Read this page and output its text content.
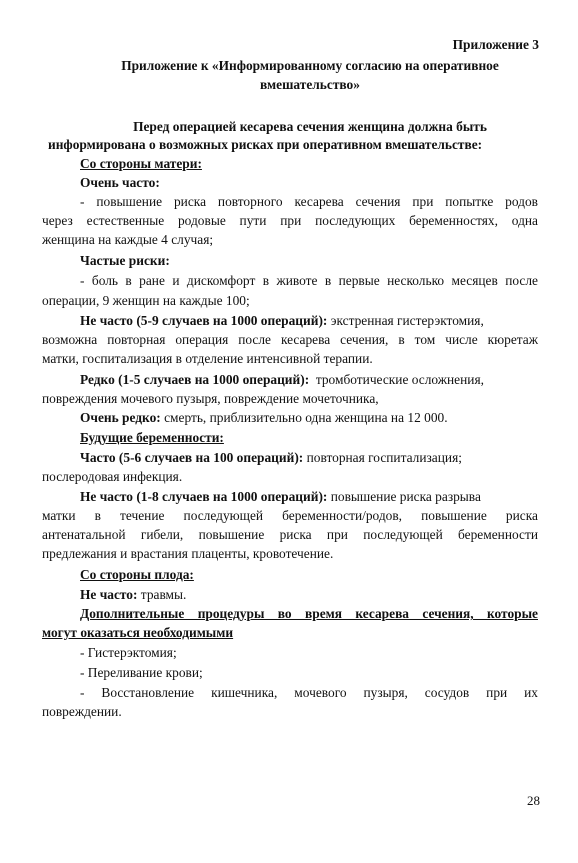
Приложение 3
Приложение к «Информированному согласию на оперативное
вмешательство»
Перед операцией кесарева сечения женщина должна быть
информирована о возможных рисках при оперативном вмешательстве:
Со стороны матери:
Очень часто:
- повышение риска повторного кесарева сечения при попытке родов
через естественные родовые пути при последующих беременностях, одна
женщина на каждые 4 случая;
Частые риски:
- боль в ране и дискомфорт в животе в первые несколько месяцев после
операции, 9 женщин на каждые 100;
Не часто (5-9 случаев на 1000 операций): экстренная гистерэктомия,
возможна повторная операция после кесарева сечения, в том числе кюретаж
матки, госпитализация в отделение интенсивной терапии.
Редко (1-5 случаев на 1000 операций):  тромботические осложнения,
повреждения мочевого пузыря, повреждение мочеточника,
Очень редко: смерть, приблизительно одна женщина на 12 000.
Будущие беременности:
Часто (5-6 случаев на 100 операций): повторная госпитализация;
послеродовая инфекция.
Не часто (1-8 случаев на 1000 операций): повышение риска разрыва
матки в течение последующей беременности/родов, повышение риска
антенатальной гибели, повышение риска при последующей беременности
предлежания и врастания плаценты, кровотечение.
Со стороны плода:
Не часто: травмы.
Дополнительные процедуры во время кесарева сечения, которые
могут оказаться необходимыми
- Гистерэктомия;
- Переливание крови;
- Восстановление кишечника, мочевого пузыря, сосудов при их
повреждении.
28
